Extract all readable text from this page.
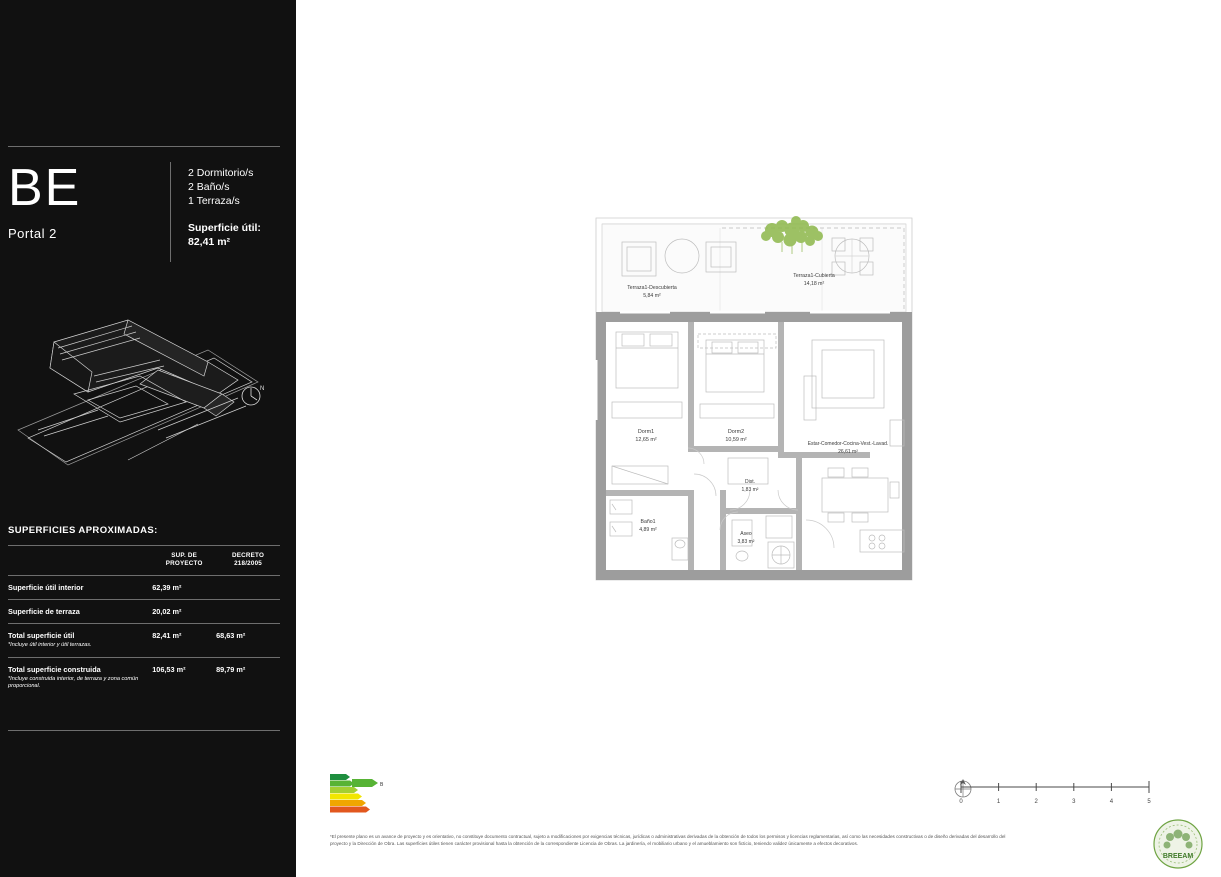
BE
Portal 2
2 Dormitorio/s
2 Baño/s
1 Terraza/s
Superficie útil:
82,41 m²
N
SUPERFICIES APROXIMADAS:
	SUP. DE
PROYECTO	DECRETO
218/2005
Superficie útil interior	62,39 m²	
Superficie de terraza	20,02 m²	
Total superficie útil
*Incluye útil interior y útil terrazas.	82,41 m²	68,63 m²
Total superficie construida
*Incluye construida interior, de terraza y zona común proporcional.	106,53 m²	89,79 m²
Terraza1-Descubierta
5,84 m²
Terraza1-Cubierta
14,18 m²
Dorm1
12,65 m²
Dorm2
10,59 m²
Estar-Comedor-Cocina-Vest.-Lavad.
26,61 m²
Dist.
1,83 m²
Baño1
4,89 m²
Aseo
3,83 m²
B
0	1	2	3	4	5
BREEAM
*El presente plano es un avance de proyecto y es orientativo, no constituye documento contractual, sujeto a modificaciones por exigencias técnicas, jurídicas o administrativas derivadas de la obtención de todos los permisos y licencias reglamentarias, así como las necesidades constructivas o de diseño derivadas del desarrollo del proyecto y la Dirección de Obra. Las superficies útiles tienen carácter provisional hasta la obtención de la correspondiente Licencia de Obras. La jardinería, el mobiliario urbano y el amueblamiento son ficticio, teniendo validez únicamente a efectos decorativos.
